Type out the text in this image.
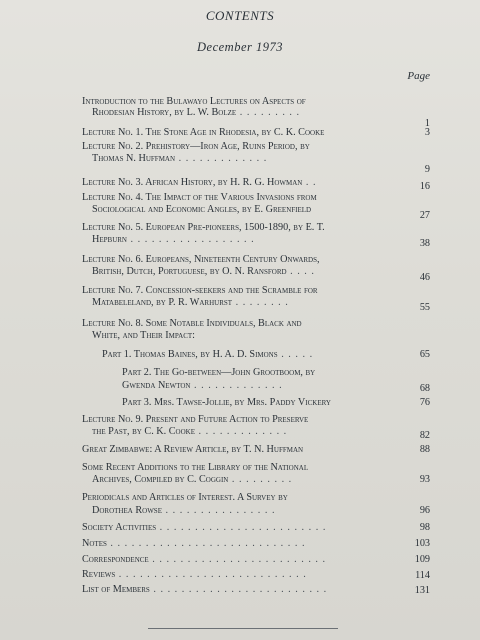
CONTENTS
December 1973
Page
Introduction to the Bulawayo Lectures on Aspects of
Rhodesian History, by L. W. Bolze . . . . . . . . .
1
Lecture No. 1. The Stone Age in Rhodesia, by C. K. Cooke	3
Lecture No. 2. Prehistory—Iron Age, Ruins Period, by
Thomas N. Huffman . . . . . . . . . . . . .
9
Lecture No. 3. African History, by H. R. G. Howman . .	16
Lecture No. 4. The Impact of the Various Invasions from
Sociological and Economic Angles, by E. Greenfield
27
Lecture No. 5. European Pre-pioneers, 1500-1890, by E. T.
Hepburn . . . . . . . . . . . . . . . . . .	38
Lecture No. 6. Europeans, Nineteenth Century Onwards,
British, Dutch, Portuguese, by O. N. Ransford . . . .
46
Lecture No. 7. Concession-seekers and the Scramble for
Matabeleland, by P. R. Warhurst . . . . . . . .	55
Lecture No. 8. Some Notable Individuals, Black and
White, and Their Impact:
Part 1. Thomas Baines, by H. A. D. Simons . . . . .	65
Part 2. The Go-between—John Grootboom, by
Gwenda Newton . . . . . . . . . . . . .	68
Part 3. Mrs. Tawse-Jollie, by Mrs. Paddy Vickery	76
Lecture No. 9. Present and Future Action to Preserve
the Past, by C. K. Cooke . . . . . . . . . . . . .	82
Great Zimbabwe: A Review Article, by T. N. Huffman	88
Some Recent Additions to the Library of the National
Archives, Compiled by C. Coggin . . . . . . . . .	93
Periodicals and Articles of Interest. A Survey by
Dorothea Rowse . . . . . . . . . . . . . . . .	96
Society Activities . . . . . . . . . . . . . . . . . . . . . . . .	98
Notes . . . . . . . . . . . . . . . . . . . . . . . . . . . .	103
Correspondence . . . . . . . . . . . . . . . . . . . . . . . . .	109
Reviews . . . . . . . . . . . . . . . . . . . . . . . . . . .	114
List of Members . . . . . . . . . . . . . . . . . . . . . . . . .	131
